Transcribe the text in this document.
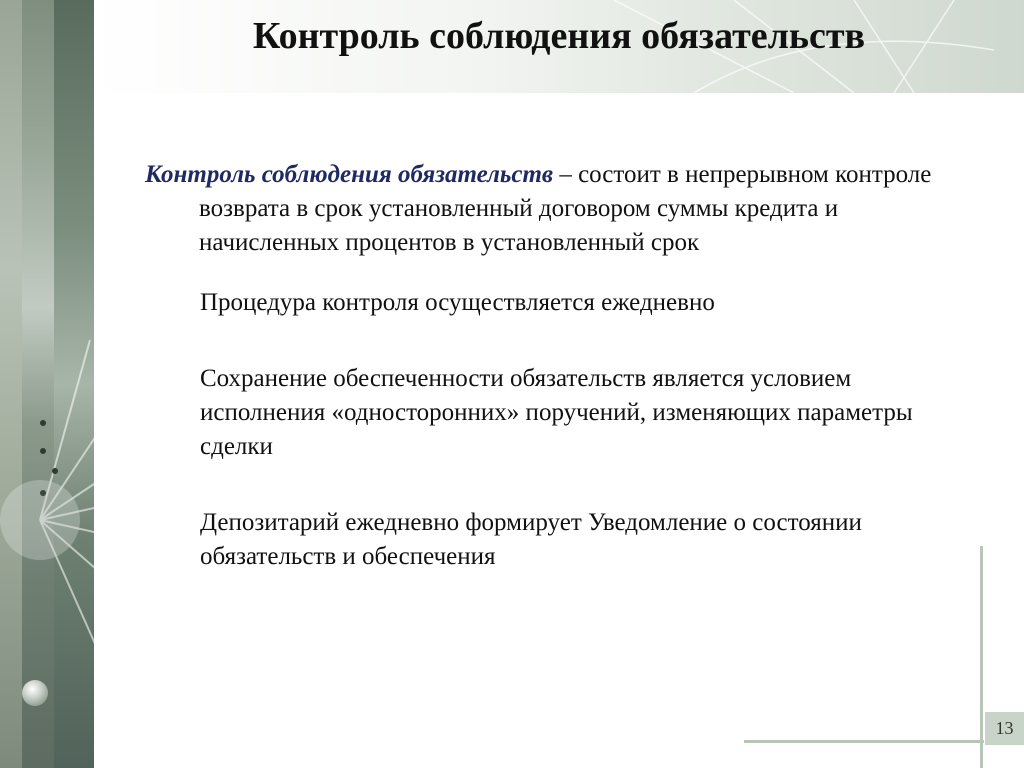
Контроль соблюдения обязательств

Контроль соблюдения обязательств – состоит в непрерывном контроле возврата в срок установленный договором суммы кредита и начисленных процентов в установленный срок

Процедура контроля осуществляется ежедневно

Сохранение обеспеченности обязательств является условием исполнения «односторонних» поручений, изменяющих параметры сделки

Депозитарий ежедневно формирует Уведомление о состоянии обязательств и обеспечения

13
